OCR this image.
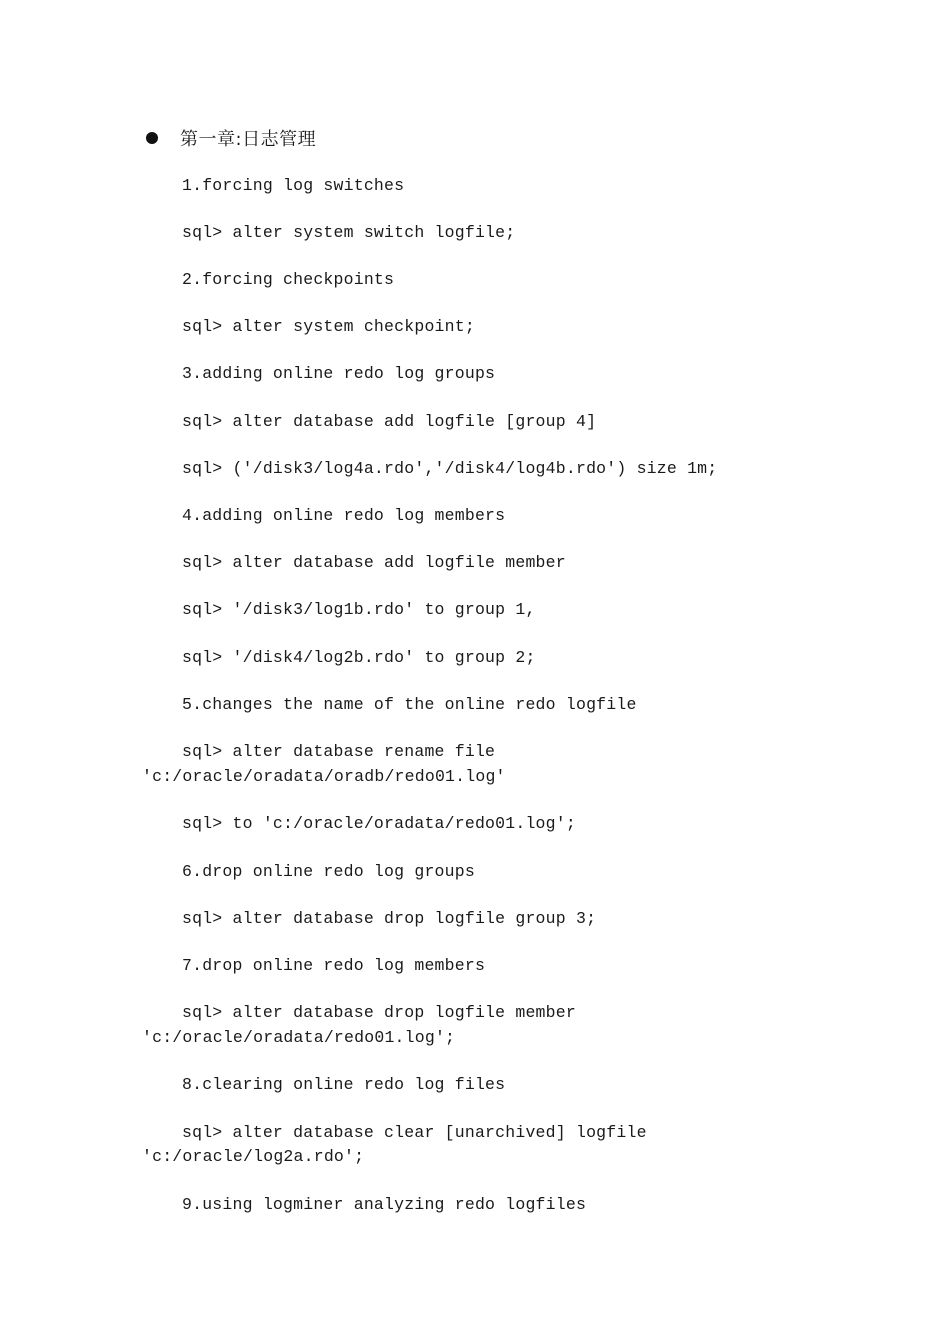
第一章:日志管理
1.forcing log switches
sql> alter system switch logfile;
2.forcing checkpoints
sql> alter system checkpoint;
3.adding online redo log groups
sql> alter database add logfile [group 4]
sql> ('/disk3/log4a.rdo','/disk4/log4b.rdo') size 1m;
4.adding online redo log members
sql> alter database add logfile member
sql> '/disk3/log1b.rdo' to group 1,
sql> '/disk4/log2b.rdo' to group 2;
5.changes the name of the online redo logfile
sql> alter database rename file
'c:/oracle/oradata/oradb/redo01.log'
sql> to 'c:/oracle/oradata/redo01.log';
6.drop online redo log groups
sql> alter database drop logfile group 3;
7.drop online redo log members
sql> alter database drop logfile member
'c:/oracle/oradata/redo01.log';
8.clearing online redo log files
sql> alter database clear [unarchived] logfile
'c:/oracle/log2a.rdo';
9.using logminer analyzing redo logfiles
